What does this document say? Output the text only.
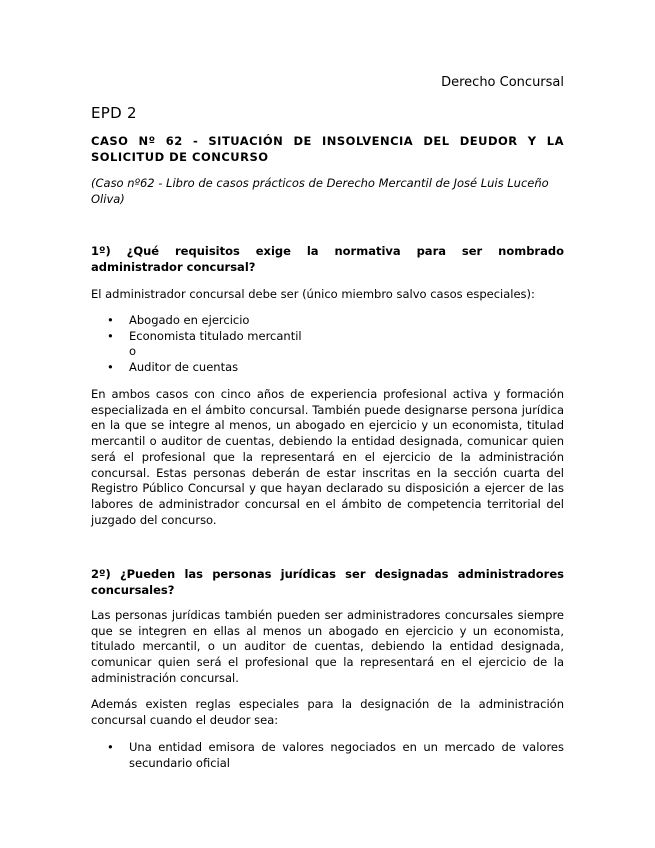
Derecho Concursal
EPD 2
CASO Nº 62 - SITUACIÓN DE INSOLVENCIA DEL DEUDOR Y LA SOLICITUD DE CONCURSO
(Caso nº62 - Libro de casos prácticos de Derecho Mercantil de José Luis Luceño Oliva)
1º) ¿Qué requisitos exige la normativa para ser nombrado administrador concursal?
El administrador concursal debe ser (único miembro salvo casos especiales):
• Abogado en ejercicio
• Economista titulado mercantil o
• Auditor de cuentas
En ambos casos con cinco años de experiencia profesional activa y formación especializada en el ámbito concursal. También puede designarse persona jurídica en la que se integre al menos, un abogado en ejercicio y un economista, titulad mercantil o auditor de cuentas, debiendo la entidad designada, comunicar quien será el profesional que la representará en el ejercicio de la administración concursal. Estas personas deberán de estar inscritas en la sección cuarta del Registro Público Concursal y que hayan declarado su disposición a ejercer de las labores de administrador concursal en el ámbito de competencia territorial del juzgado del concurso.
2º) ¿Pueden las personas jurídicas ser designadas administradores concursales?
Las personas jurídicas también pueden ser administradores concursales siempre que se integren en ellas al menos un abogado en ejercicio y un economista, titulado mercantil, o un auditor de cuentas, debiendo la entidad designada, comunicar quien será el profesional que la representará en el ejercicio de la administración concursal.
Además existen reglas especiales para la designación de la administración concursal cuando el deudor sea:
• Una entidad emisora de valores negociados en un mercado de valores secundario oficial
